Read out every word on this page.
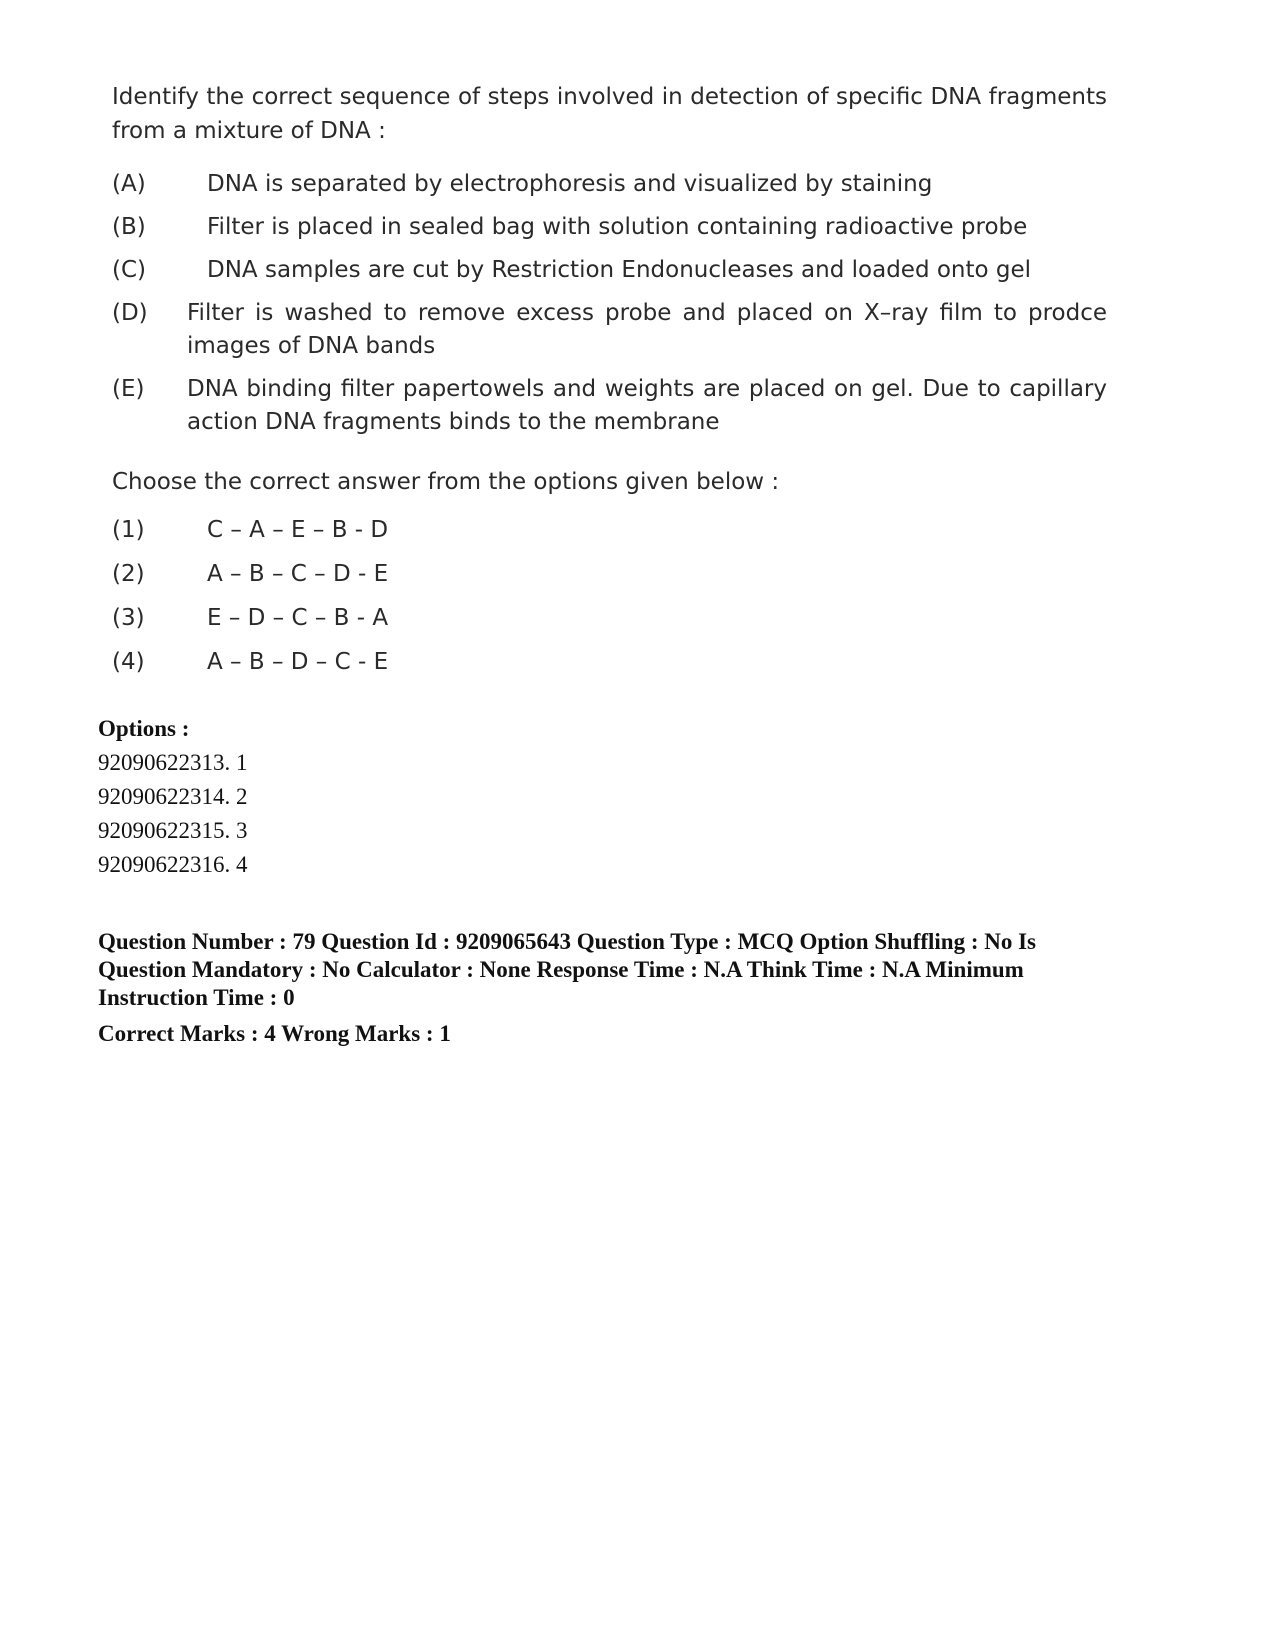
Identify the correct sequence of steps involved in detection of specific DNA fragments from a mixture of DNA :

(A)	DNA is separated by electrophoresis and visualized by staining
(B)	Filter is placed in sealed bag with solution containing radioactive probe
(C)	DNA samples are cut by Restriction Endonucleases and loaded onto gel
(D)	Filter is washed to remove excess probe and placed on X–ray film to prodce images of DNA bands
(E)	DNA binding filter papertowels and weights are placed on gel. Due to capillary action DNA fragments binds to the membrane

Choose the correct answer from the options given below :

(1)	C – A – E – B - D
(2)	A – B – C – D - E
(3)	E – D – C – B - A
(4)	A – B – D – C - E
Options :
92090622313. 1
92090622314. 2
92090622315. 3
92090622316. 4
Question Number : 79 Question Id : 9209065643 Question Type : MCQ Option Shuffling : No Is Question Mandatory : No Calculator : None Response Time : N.A Think Time : N.A Minimum Instruction Time : 0
Correct Marks : 4 Wrong Marks : 1
